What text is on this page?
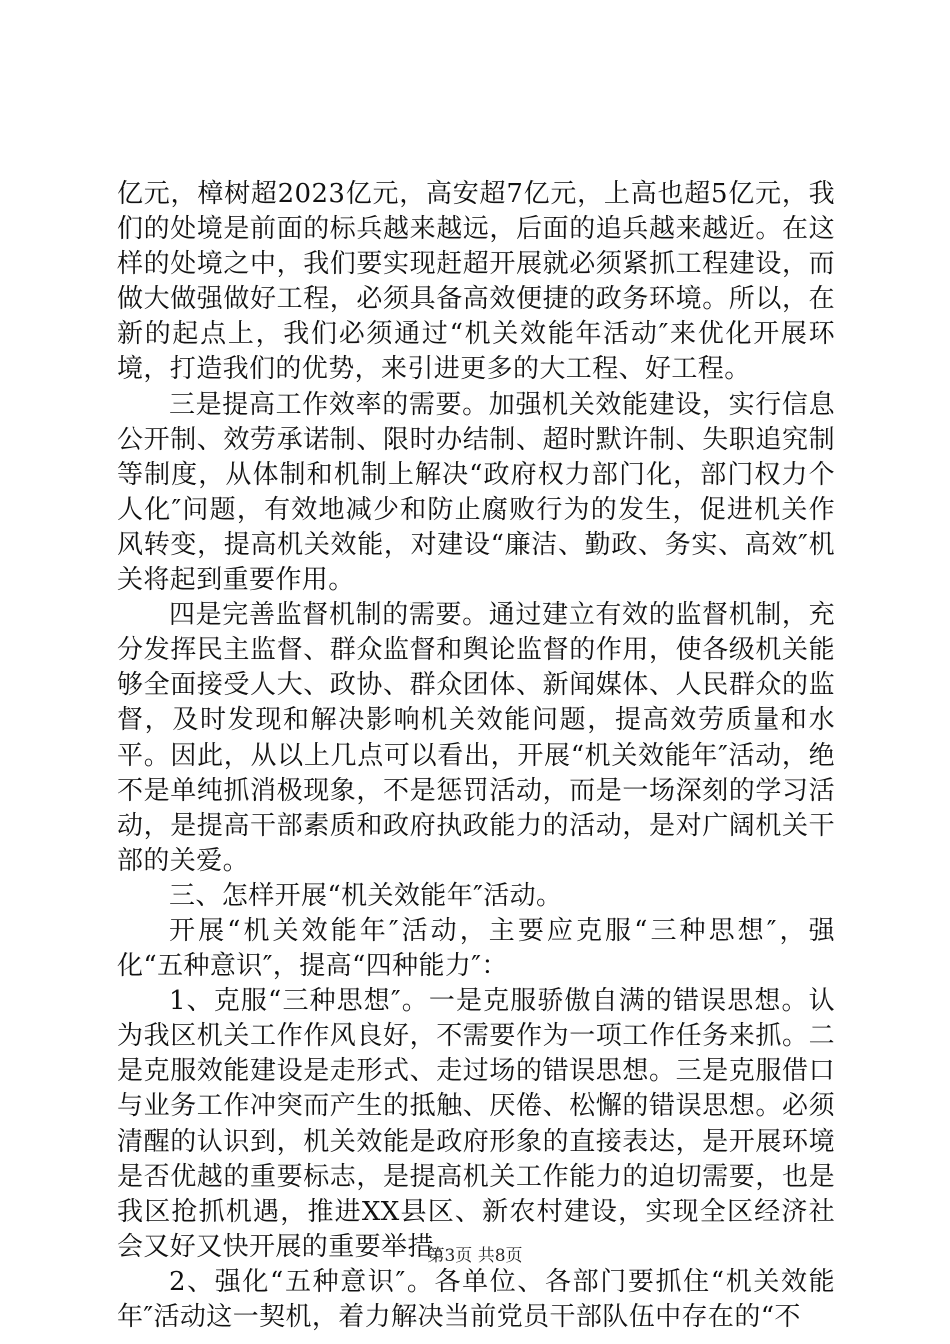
亿元，樟树超2023亿元，高安超7亿元，上高也超5亿元，我们的处境是前面的标兵越来越远，后面的追兵越来越近。在这样的处境之中，我们要实现赶超开展就必须紧抓工程建设，而做大做强做好工程，必须具备高效便捷的政务环境。所以，在新的起点上，我们必须通过“机关效能年活动″来优化开展环境，打造我们的优势，来引进更多的大工程、好工程。

三是提高工作效率的需要。加强机关效能建设，实行信息公开制、效劳承诺制、限时办结制、超时默许制、失职追究制等制度，从体制和机制上解决“政府权力部门化，部门权力个人化″问题，有效地减少和防止腐败行为的发生，促进机关作风转变，提高机关效能，对建设“廉洁、勤政、务实、高效″机关将起到重要作用。

四是完善监督机制的需要。通过建立有效的监督机制，充分发挥民主监督、群众监督和舆论监督的作用，使各级机关能够全面接受人大、政协、群众团体、新闻媒体、人民群众的监督，及时发现和解决影响机关效能问题，提高效劳质量和水平。因此，从以上几点可以看出，开展“机关效能年″活动，绝不是单纯抓消极现象，不是惩罚活动，而是一场深刻的学习活动，是提高干部素质和政府执政能力的活动，是对广阔机关干部的关爱。

三、怎样开展“机关效能年″活动。

开展“机关效能年″活动，主要应克服“三种思想″，强化“五种意识″，提高“四种能力″：

1、克服“三种思想″。一是克服骄傲自满的错误思想。认为我区机关工作作风良好，不需要作为一项工作任务来抓。二是克服效能建设是走形式、走过场的错误思想。三是克服借口与业务工作冲突而产生的抵触、厌倦、松懈的错误思想。必须清醒的认识到，机关效能是政府形象的直接表达，是开展环境是否优越的重要标志，是提高机关工作能力的迫切需要，也是我区抢抓机遇，推进XX县区、新农村建设，实现全区经济社会又好又快开展的重要举措。

2、强化“五种意识″。各单位、各部门要抓住“机关效能年″活动这一契机，着力解决当前党员干部队伍中存在的“不

第3页 共8页
